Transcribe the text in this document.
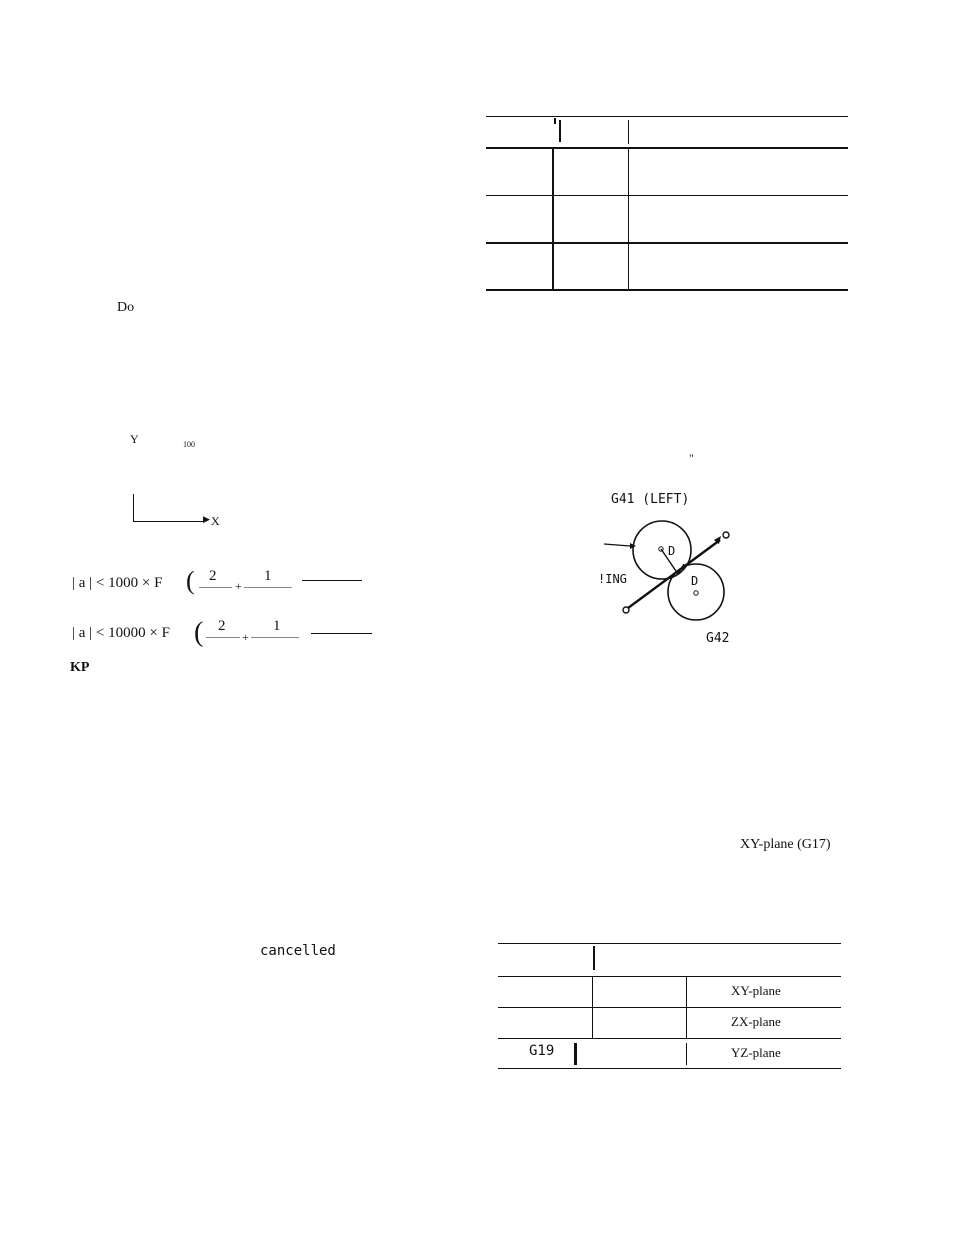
Do
Y	100
▶ X
| a | < 1000 × F ( 2
+
1
| a | < 10000 × F ( 2
+
1
KP
cancelled
"
G41 (LEFT)
D
D
!ING
G42
XY-plane (G17)
XY-plane
ZX-plane
G19	YZ-plane
